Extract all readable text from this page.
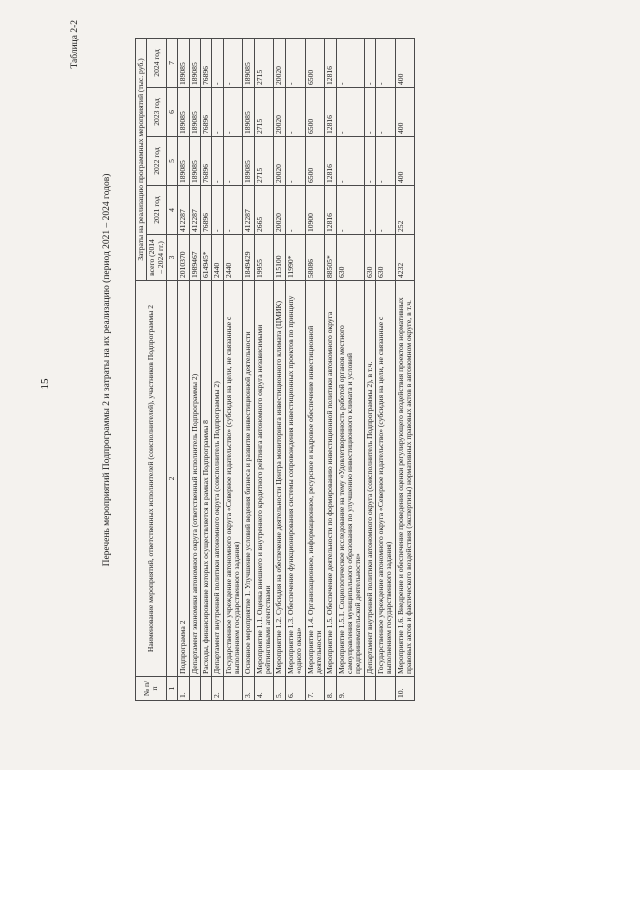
15
Таблица 2-2
Перечень мероприятий Подпрограммы 2 и затраты на их реализацию (период 2021 – 2024 годов)
№ п/п	Наименование мероприятий, ответственных исполнителей (соисполнителей), участников Подпрограммы 2	Затраты на реализацию программных мероприятий (тыс. руб.)				
		всего (2014 – 2024 гг.)	2021 год	2022 год	2023 год	2024 год
1	2	3	4	5	6	7
1.	Подпрограмма 2	2010370	412287	189085	189085	189085
	Департамент экономики автономного округа (ответственный исполнитель Подпрограммы 2)	1989467	412287	189085	189085	189085
	Расходы, финансирование которых осуществляется в рамках Подпрограммы 8	614945*	76896	76896	76896	76896
2.	Департамент внутренней политики автономного округа (соисполнитель Подпрограммы 2)	2440	-	-	-	-
	Государственное учреждение автономного округа «Северное издательство» (субсидия на цели, не связанные с выполнением государственного задания)	2440	-	-	-	-
3.	Основное мероприятие 1. Улучшение условий ведения бизнеса и развитие инвестиционной деятельности	1849429	412287	189085	189085	189085
4.	Мероприятие 1.1. Оценка внешнего и внутреннего кредитного рейтинга автономного округа независимыми рейтинговыми агентствами	19955	2665	2715	2715	2715
5.	Мероприятие 1.2. Субсидия на обеспечение деятельности Центра мониторинга инвестиционного климата (ЦМИК)	115100	20020	20020	20020	20020
6.	Мероприятие 1.3. Обеспечение функционирования системы сопровождения инвестиционных проектов по принципу «одного окна»	11990*	-	-	-	-
7.	Мероприятие 1.4. Организационное, информационное, ресурсное и кадровое обеспечение инвестиционной деятельности	58086	10900	6500	6500	6500
8.	Мероприятие 1.5. Обеспечение деятельности по формированию инвестиционной политики автономного округа	88505*	12816	12816	12816	12816
9.	Мероприятие 1.5.1. Социологическое исследование на тему «Удовлетворенность работой органов местного самоуправления муниципального образования по улучшению инвестиционного климата и условий предпринимательской деятельности»	630	-	-	-	-
	Департамент внутренней политики автономного округа (соисполнитель Подпрограммы 2), в т.ч.	630	-	-	-	-
	Государственное учреждение автономного округа «Северное издательство» (субсидия на цели, не связанные с выполнением государственного задания)	630	-	-	-	-
10.	Мероприятие 1.6. Внедрение и обеспечение проведения оценки регулирующего воздействия проектов нормативных правовых актов и фактического воздействия (экспертизы) нормативных правовых актов в автономном округе, в т.ч.	4232	252	400	400	400
